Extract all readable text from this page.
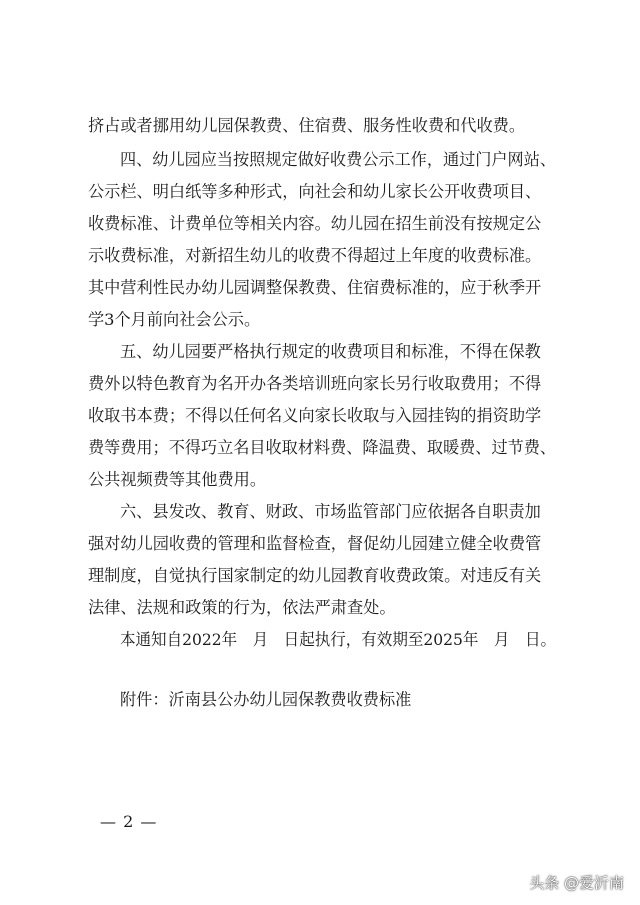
挤占或者挪用幼儿园保教费、住宿费、服务性收费和代收费。
四、幼儿园应当按照规定做好收费公示工作，通过门户网站、
公示栏、明白纸等多种形式，向社会和幼儿家长公开收费项目、
收费标准、计费单位等相关内容。幼儿园在招生前没有按规定公
示收费标准，对新招生幼儿的收费不得超过上年度的收费标准。
其中营利性民办幼儿园调整保教费、住宿费标准的，应于秋季开
学3个月前向社会公示。
五、幼儿园要严格执行规定的收费项目和标准，不得在保教
费外以特色教育为名开办各类培训班向家长另行收取费用；不得
收取书本费；不得以任何名义向家长收取与入园挂钩的捐资助学
费等费用；不得巧立名目收取材料费、降温费、取暖费、过节费、
公共视频费等其他费用。
六、县发改、教育、财政、市场监管部门应依据各自职责加
强对幼儿园收费的管理和监督检查，督促幼儿园建立健全收费管
理制度，自觉执行国家制定的幼儿园教育收费政策。对违反有关
法律、法规和政策的行为，依法严肃查处。
本通知自2022年　月　日起执行，有效期至2025年　月　日。
附件：沂南县公办幼儿园保教费收费标准
— 2 —
头条 @爱沂南
